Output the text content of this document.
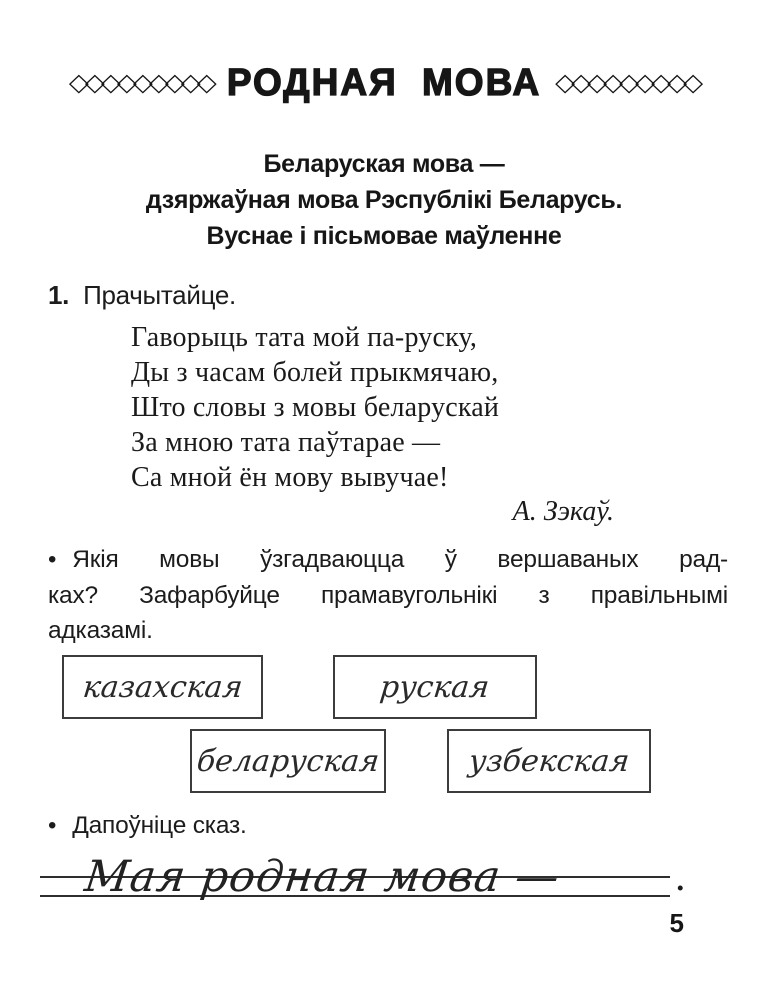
◇◇◇◇◇◇◇◇◇ РОДНАЯ МОВА ◇◇◇◇◇◇◇◇◇
Беларуская мова —
дзяржаўная мова Рэспублікі Беларусь.
Вуснае і пісьмовае маўленне
1. Прачытайце.
Гаворыць тата мой па-руску,
Ды з часам болей прыкмячаю,
Што словы з мовы беларускай
За мною тата паўтарае —
Са мной ён мову вывучае!
А. Зэкаў.
• Якія мовы ўзгадваюцца ў вершаваных рад-
ках? Зафарбуйце прамавугольнікі з правільнымі
адказамі.
казахская	руская
беларуская	узбекская
• Дапоўніце сказ.
Мая родная мова —	.
5
